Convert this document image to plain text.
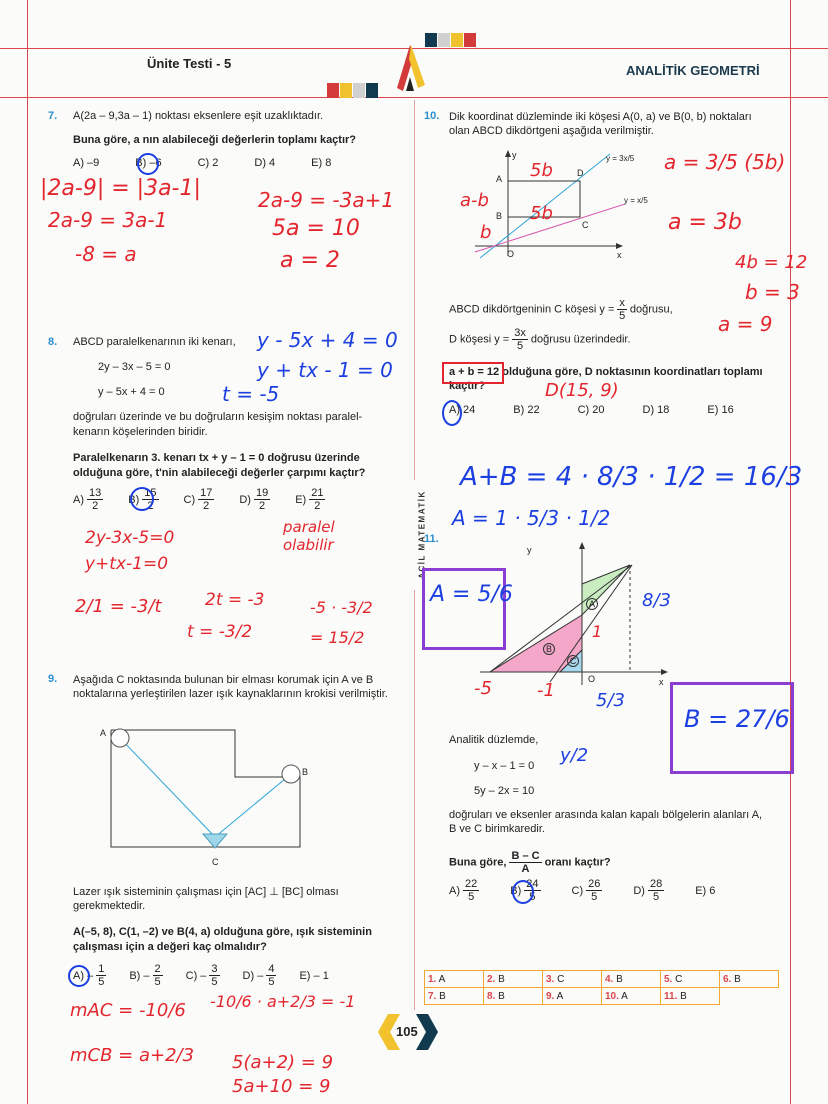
Ünite Testi - 5	ANALİTİK GEOMETRİ
ACİL MATEMATİK
7. A(2a – 9,3a – 1) noktası eksenlere eşit uzaklıktadır.
Buna göre, a nın alabileceği değerlerin toplamı kaçtır?
A) –9	B) –6	C) 2	D) 4	E) 8
8. ABCD paralelkenarının iki kenarı,
2y – 3x – 5 = 0
y – 5x + 4 = 0
doğruları üzerinde ve bu doğruların kesişim noktası paralel-kenarın köşelerinden biridir.
Paralelkenarın 3. kenarı tx + y – 1 = 0 doğrusu üzerinde olduğuna göre, t'nin alabileceği değerler çarpımı kaçtır?
$A) \frac{13}{2} B) \frac{15}{2} C) \frac{17}{2} D) \frac{19}{2} E) \frac{21}{2}$
9. Aşağıda C noktasında bulunan bir elması korumak için A ve B noktalarına yerleştirilen lazer ışık kaynaklarının krokisi verilmiştir.
A
B
C
Lazer ışık sisteminin çalışması için [AC] ⊥ [BC] olması gerekmektedir.
A(–5, 8), C(1, –2) ve B(4, a) olduğuna göre, ışık sisteminin çalışması için a değeri kaç olmalıdır?
A)
– $\frac{1}{5} B$)
– $\frac{2}{5} C$)
– $\frac{3}{5} D$)
– $\frac{4}{5} E$)
– 1
10. Dik koordinat düzleminde iki köşesi A(0, a) ve B(0, b) noktaları olan ABCD dikdörtgeni aşağıda verilmiştir.
y
x
O
A
B
C
D
y = 3x/5
y = x/5
ABCD dikdörtgeninin C köşesi $y = \frac{x}{5}$ doğrusu,
D köşesi $y = \frac{3x}{5}$ doğrusu üzerindedir.
a + b = 12 olduğuna göre, D noktasının koordinatları toplamı kaçtır?
A) 24	B) 22	C) 20	D) 18	E) 16
11.
y
x
O
A
B
C
Analitik düzlemde,
y – x – 1 = 0
5y – 2x = 10
doğruları ve eksenler arasında kalan kapalı bölgelerin alanları A, B ve C birimkaredir.
Buna göre, $\frac{B - C}{A}$ oranı kaçtır?
$A) \frac{22}{5}$	$B) \frac{24}{5}$	$C) \frac{26}{5}$	$D) \frac{28}{5}$	E) 6
1. A	2. B	3. C	4. B	5. C	6. B
7. B	8. B	9. A	10. A	11. B	
105
|2a-9| = |3a-1|
2a-9 = 3a-1
-8 = a
2a-9 = -3a+1
5a = 10
a = 2
y - 5x + 4 = 0
y + tx - 1 = 0
t = -5
2y-3x-5=0
y+tx-1=0
paralel olabilir
2/1 = -3/t	2t = -3
t = -3/2
-5 · -3/2
= 15/2
mAC = -10/6
mCB = a+2/3
-10/6 · a+2/3 = -1
5(a+2) = 9
5a+10 = 9
a = 3/5 (5b)
a = 3b
4b = 12
b = 3
a = 9
D(15, 9)
5b
5b
a-b
b
A+B = 4 · 8/3 · 1/2 = 16/3
A = 1 · 5/3 · 1/2
A = 5/6
B = 27/6
8/3
1
-5	-1 5/3
y/2
